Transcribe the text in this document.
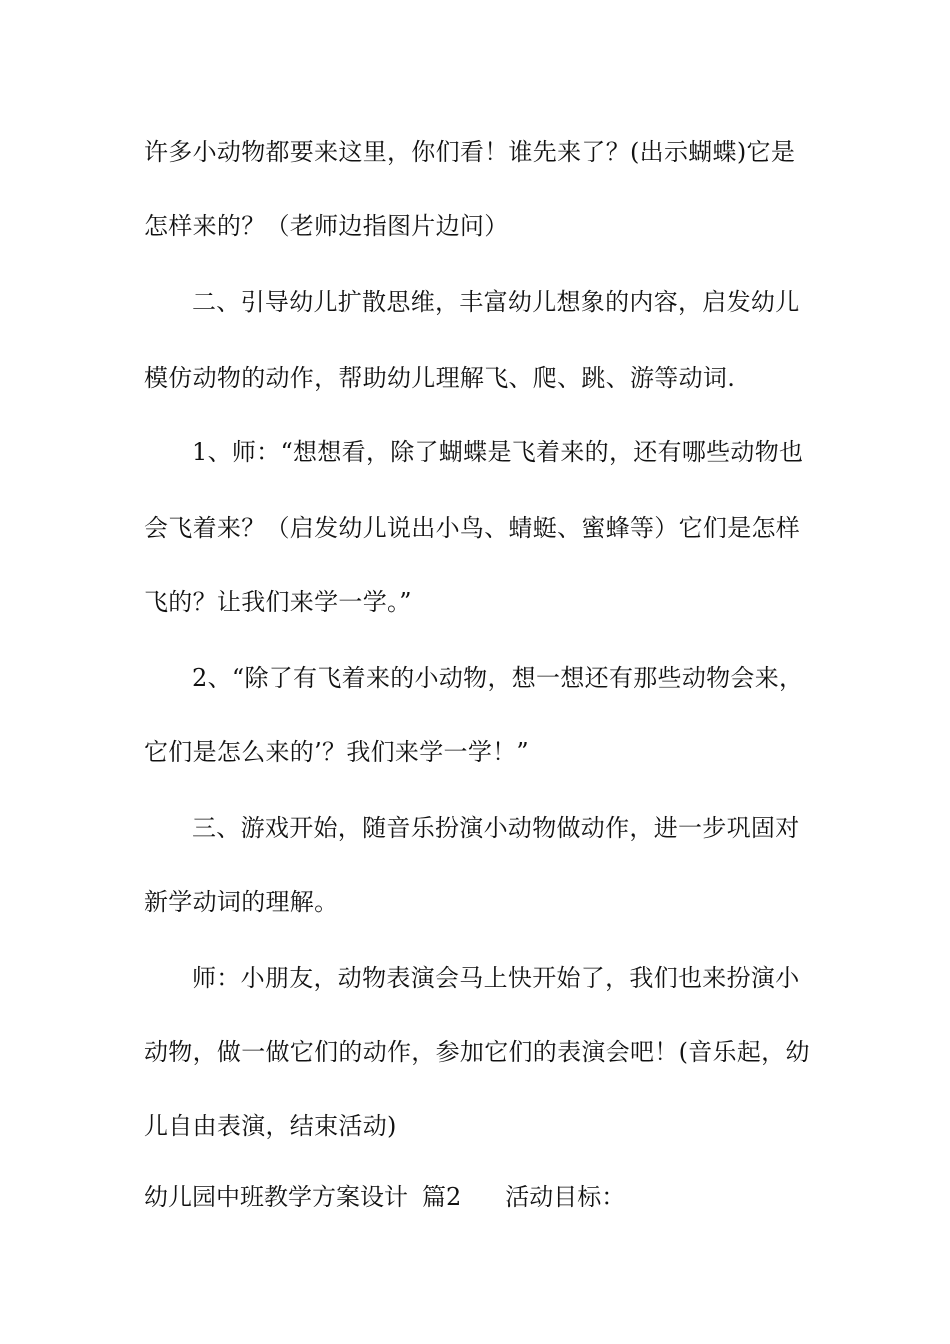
许多小动物都要来这里，你们看！谁先来了？(出示蝴蝶)它是
怎样来的？（老师边指图片边问）
二、引导幼儿扩散思维，丰富幼儿想象的内容，启发幼儿
模仿动物的动作，帮助幼儿理解飞、爬、跳、游等动词.
1、师：“想想看，除了蝴蝶是飞着来的，还有哪些动物也
会飞着来？（启发幼儿说出小鸟、蜻蜓、蜜蜂等）它们是怎样
飞的？让我们来学一学。”
2、“除了有飞着来的小动物，想一想还有那些动物会来，
它们是怎么来的’？我们来学一学！”
三、游戏开始，随音乐扮演小动物做动作，进一步巩固对
新学动词的理解。
师：小朋友，动物表演会马上快开始了，我们也来扮演小
动物，做一做它们的动作，参加它们的表演会吧！(音乐起，幼
儿自由表演，结束活动)
幼儿园中班教学方案设计 篇2 活动目标：
